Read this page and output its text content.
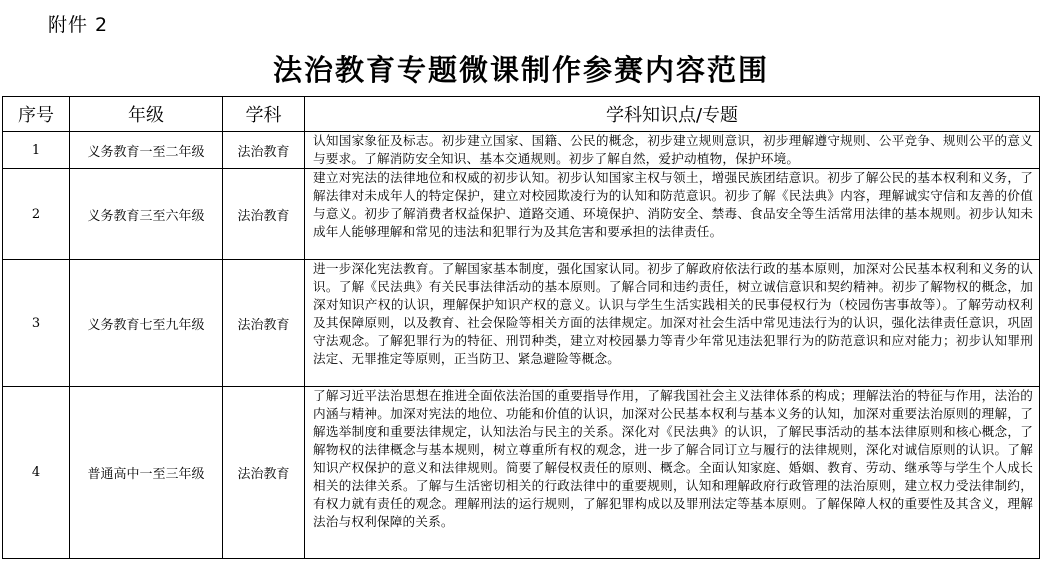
附件 2
法治教育专题微课制作参赛内容范围
序号	年级	学科	学科知识点/专题
1	义务教育一至二年级	法治教育	认知国家象征及标志。初步建立国家、国籍、公民的概念，初步建立规则意识，初步理解遵守规则、公平竞争、规则公平的意义与要求。了解消防安全知识、基本交通规则。初步了解自然，爱护动植物，保护环境。
2	义务教育三至六年级	法治教育	建立对宪法的法律地位和权威的初步认知。初步认知国家主权与领土，增强民族团结意识。初步了解公民的基本权利和义务，了解法律对未成年人的特定保护，建立对校园欺凌行为的认知和防范意识。初步了解《民法典》内容，理解诚实守信和友善的价值与意义。初步了解消费者权益保护、道路交通、环境保护、消防安全、禁毒、食品安全等生活常用法律的基本规则。初步认知未成年人能够理解和常见的违法和犯罪行为及其危害和要承担的法律责任。
3	义务教育七至九年级	法治教育	进一步深化宪法教育。了解国家基本制度，强化国家认同。初步了解政府依法行政的基本原则，加深对公民基本权利和义务的认识。了解《民法典》有关民事法律活动的基本原则。了解合同和违约责任，树立诚信意识和契约精神。初步了解物权的概念，加深对知识产权的认识，理解保护知识产权的意义。认识与学生生活实践相关的民事侵权行为（校园伤害事故等）。了解劳动权利及其保障原则，以及教育、社会保险等相关方面的法律规定。加深对社会生活中常见违法行为的认识，强化法律责任意识，巩固守法观念。了解犯罪行为的特征、刑罚种类，建立对校园暴力等青少年常见违法犯罪行为的防范意识和应对能力；初步认知罪刑法定、无罪推定等原则，正当防卫、紧急避险等概念。
4	普通高中一至三年级	法治教育	了解习近平法治思想在推进全面依法治国的重要指导作用，了解我国社会主义法律体系的构成；理解法治的特征与作用，法治的内涵与精神。加深对宪法的地位、功能和价值的认识，加深对公民基本权利与基本义务的认知，加深对重要法治原则的理解，了解选举制度和重要法律规定，认知法治与民主的关系。深化对《民法典》的认识，了解民事活动的基本法律原则和核心概念，了解物权的法律概念与基本规则，树立尊重所有权的观念，进一步了解合同订立与履行的法律规则，深化对诚信原则的认识。了解知识产权保护的意义和法律规则。简要了解侵权责任的原则、概念。全面认知家庭、婚姻、教育、劳动、继承等与学生个人成长相关的法律关系。了解与生活密切相关的行政法律中的重要规则，认知和理解政府行政管理的法治原则，建立权力受法律制约，有权力就有责任的观念。理解刑法的运行规则，了解犯罪构成以及罪刑法定等基本原则。了解保障人权的重要性及其含义，理解法治与权利保障的关系。
